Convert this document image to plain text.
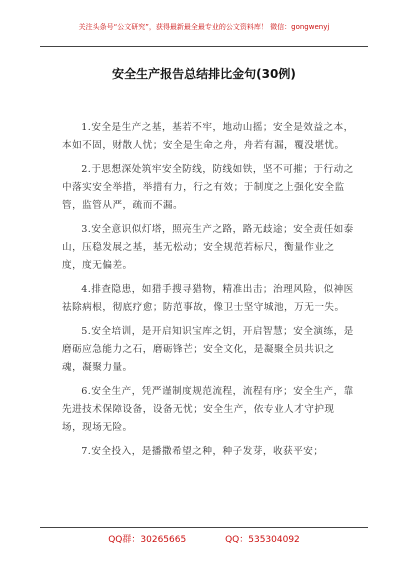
关注头条号“公文研究”，获得最新最全最专业的公文资料库！ 微信：gongwenyj
安全生产报告总结排比金句(30例)

1.安全是生产之基，基若不牢，地动山摇；安全是效益之本，本如不固，财散人忧；安全是生命之舟，舟若有漏，覆没堪忧。

2.于思想深处筑牢安全防线，防线如铁，坚不可摧；于行动之中落实安全举措，举措有力，行之有效；于制度之上强化安全监管，监管从严，疏而不漏。

3.安全意识似灯塔，照亮生产之路，路无歧途；安全责任如泰山，压稳发展之基，基无松动；安全规范若标尺，衡量作业之度，度无偏差。

4.排查隐患，如猎手搜寻猎物，精准出击；治理风险，似神医祛除病根，彻底疗愈；防范事故，像卫士坚守城池，万无一失。

5.安全培训，是开启知识宝库之钥，开启智慧；安全演练，是磨砺应急能力之石，磨砺锋芒；安全文化，是凝聚全员共识之魂，凝聚力量。

6.安全生产，凭严谨制度规范流程，流程有序；安全生产，靠先进技术保障设备，设备无忧；安全生产，依专业人才守护现场，现场无险。

7.安全投入，是播撒希望之种，种子发芽，收获平安；

QQ群：30265665	QQ：535304092
